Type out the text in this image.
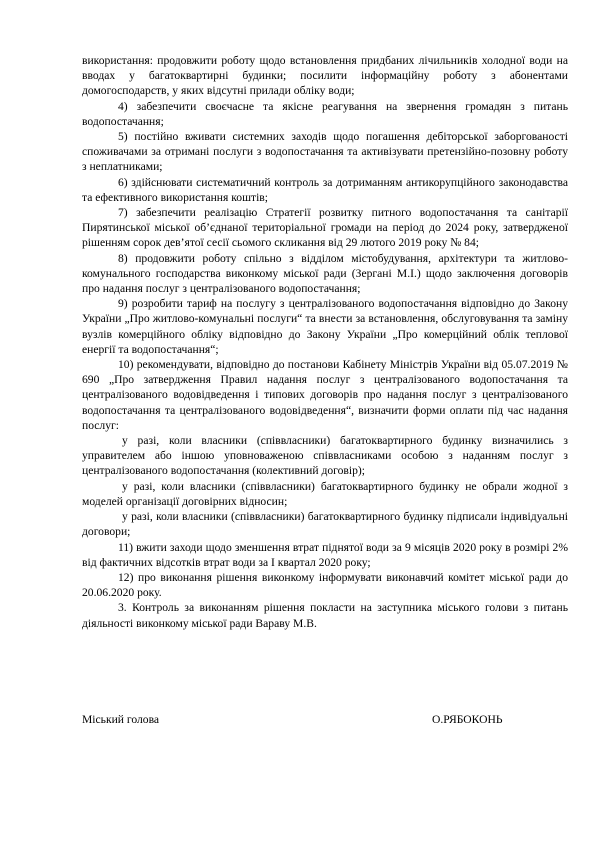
використання: продовжити роботу щодо встановлення придбаних лічильників холодної води на вводах у багатоквартирні будинки; посилити інформаційну роботу з абонентами домогосподарств, у яких відсутні прилади обліку води;

4) забезпечити своєчасне та якісне реагування на звернення громадян з питань водопостачання;

5) постійно вживати системних заходів щодо погашення дебіторської заборгованості споживачами за отримані послуги з водопостачання та активізувати претензійно-позовну роботу з неплатниками;

6) здійснювати систематичний контроль за дотриманням антикорупційного законодавства та ефективного використання коштів;

7) забезпечити реалізацію Стратегії розвитку питного водопостачання та санітарії Пирятинської міської об’єднаної територіальної громади на період до 2024 року, затвердженої рішенням сорок дев’ятої сесії сьомого скликання від 29 лютого 2019 року № 84;

8) продовжити роботу спільно з відділом містобудування, архітектури та житлово-комунального господарства виконкому міської ради (Зергані М.І.) щодо заключення договорів про надання послуг з централізованого водопостачання;

9) розробити тариф на послугу з централізованого водопостачання відповідно до Закону України „Про житлово-комунальні послуги“ та внести за встановлення, обслуговування та заміну вузлів комерційного обліку відповідно до Закону України „Про комерційний облік теплової енергії та водопостачання“;

10) рекомендувати, відповідно до постанови Кабінету Міністрів України від 05.07.2019 № 690 „Про затвердження Правил надання послуг з централізованого водопостачання та централізованого водовідведення і типових договорів про надання послуг з централізованого водопостачання та централізованого водовідведення“, визначити форми оплати під час надання послуг:

у разі, коли власники (співвласники) багатоквартирного будинку визначились з управителем або іншою уповноваженою співвласниками особою з наданням послуг з централізованого водопостачання (колективний договір);

у разі, коли власники (співвласники) багатоквартирного будинку не обрали жодної з моделей організації договірних відносин;

у разі, коли власники (співвласники) багатоквартирного будинку підписали індивідуальні договори;

11) вжити заходи щодо зменшення втрат піднятої води за 9 місяців 2020 року в розмірі 2% від фактичних відсотків втрат води за І квартал 2020 року;

12) про виконання рішення виконкому інформувати виконавчий комітет міської ради до 20.06.2020 року.

3. Контроль за виконанням рішення покласти на заступника міського голови з питань діяльності виконкому міської ради Вараву М.В.

Міський голова	О.РЯБОКОНЬ
